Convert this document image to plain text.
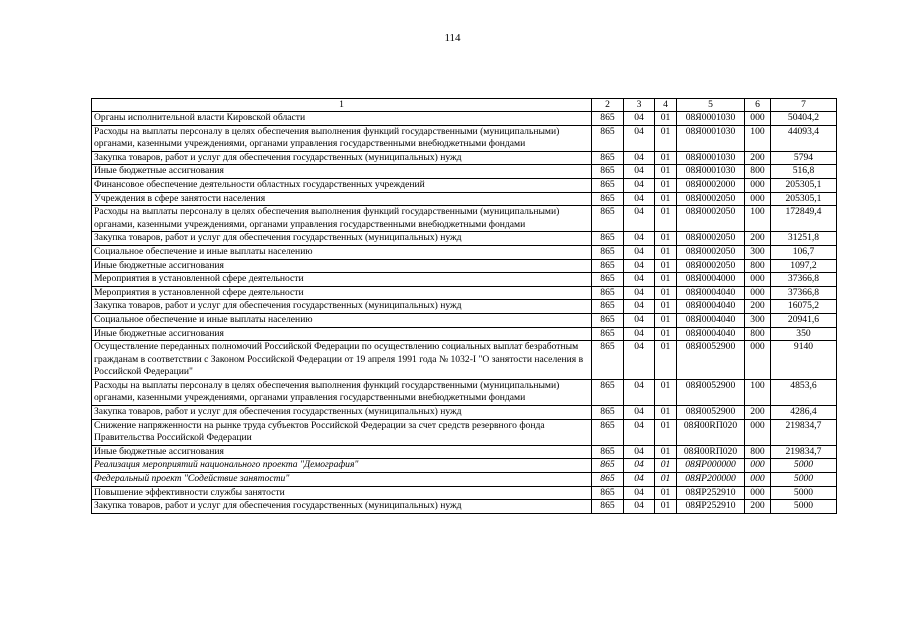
114
1	2	3	4	5	6	7
Органы исполнительной власти Кировской области	865	04	01	08Я0001030	000	50404,2
Расходы на выплаты персоналу в целях обеспечения выполнения функций государственными (муниципальными) органами, казенными учреждениями, органами управления государственными внебюджетными фондами	865	04	01	08Я0001030	100	44093,4
Закупка товаров, работ и услуг для обеспечения государственных (муниципальных) нужд	865	04	01	08Я0001030	200	5794
Иные бюджетные ассигнования	865	04	01	08Я0001030	800	516,8
Финансовое обеспечение деятельности областных государственных учреждений	865	04	01	08Я0002000	000	205305,1
Учреждения в сфере занятости населения	865	04	01	08Я0002050	000	205305,1
Расходы на выплаты персоналу в целях обеспечения выполнения функций государственными (муниципальными) органами, казенными учреждениями, органами управления государственными внебюджетными фондами	865	04	01	08Я0002050	100	172849,4
Закупка товаров, работ и услуг для обеспечения государственных (муниципальных) нужд	865	04	01	08Я0002050	200	31251,8
Социальное обеспечение и иные выплаты населению	865	04	01	08Я0002050	300	106,7
Иные бюджетные ассигнования	865	04	01	08Я0002050	800	1097,2
Мероприятия в установленной сфере деятельности	865	04	01	08Я0004000	000	37366,8
Мероприятия в установленной сфере деятельности	865	04	01	08Я0004040	000	37366,8
Закупка товаров, работ и услуг для обеспечения государственных (муниципальных) нужд	865	04	01	08Я0004040	200	16075,2
Социальное обеспечение и иные выплаты населению	865	04	01	08Я0004040	300	20941,6
Иные бюджетные ассигнования	865	04	01	08Я0004040	800	350
Осуществление переданных полномочий Российской Федерации по осуществлению социальных выплат безработным гражданам в соответствии с Законом Российской Федерации от 19 апреля 1991 года № 1032-I "О занятости населения в Российской Федерации"	865	04	01	08Я0052900	000	9140
Расходы на выплаты персоналу в целях обеспечения выполнения функций государственными (муниципальными) органами, казенными учреждениями, органами управления государственными внебюджетными фондами	865	04	01	08Я0052900	100	4853,6
Закупка товаров, работ и услуг для обеспечения государственных (муниципальных) нужд	865	04	01	08Я0052900	200	4286,4
Снижение напряженности на рынке труда субъектов Российской Федерации за счет средств резервного фонда Правительства Российской Федерации	865	04	01	08Я00RП020	000	219834,7
Иные бюджетные ассигнования	865	04	01	08Я00RП020	800	219834,7
Реализация мероприятий национального проекта "Демография"	865	04	01	08ЯР000000	000	5000
Федеральный проект "Содействие занятости"	865	04	01	08ЯР200000	000	5000
Повышение эффективности службы занятости	865	04	01	08ЯР252910	000	5000
Закупка товаров, работ и услуг для обеспечения государственных (муниципальных) нужд	865	04	01	08ЯР252910	200	5000
